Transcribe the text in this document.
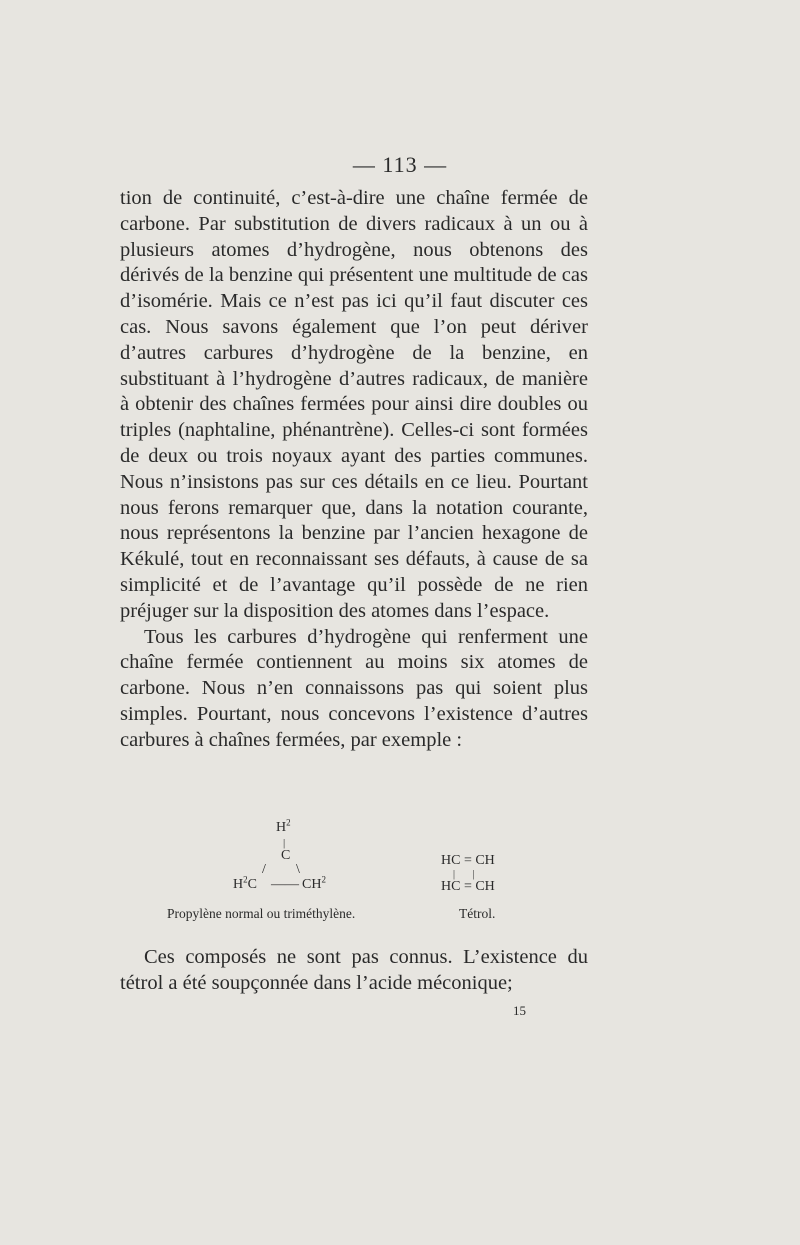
— 113 —

tion de continuité, c’est-à-dire une chaîne fermée de carbone. Par substitution de divers radicaux à un ou à plusieurs atomes d’hydrogène, nous obtenons des dérivés de la benzine qui présentent une multitude de cas d’isomérie. Mais ce n’est pas ici qu’il faut discuter ces cas. Nous savons également que l’on peut dériver d’autres carbures d’hydrogène de la benzine, en substituant à l’hydrogène d’autres radicaux, de manière à obtenir des chaînes fermées pour ainsi dire doubles ou triples (naphtaline, phénantrène). Celles-ci sont formées de deux ou trois noyaux ayant des parties communes. Nous n’insistons pas sur ces détails en ce lieu. Pourtant nous ferons remarquer que, dans la notation courante, nous représentons la benzine par l’ancien hexagone de Kékulé, tout en reconnaissant ses défauts, à cause de sa simplicité et de l’avantage qu’il possède de ne rien préjuger sur la disposition des atomes dans l’espace.

Tous les carbures d’hydrogène qui renferment une chaîne fermée contiennent au moins six atomes de carbone. Nous n’en connaissons pas qui soient plus simples. Pourtant, nous concevons l’existence d’autres carbures à chaînes fermées, par exemple :

$H^2$
|
C
/ \
$H^2C$ —— $CH^2$
Propylène normal ou triméthylène.
HC = CH
|       |
HC = CH
Tétrol.

Ces composés ne sont pas connus. L’existence du tétrol a été soupçonnée dans l’acide méconique;

15
